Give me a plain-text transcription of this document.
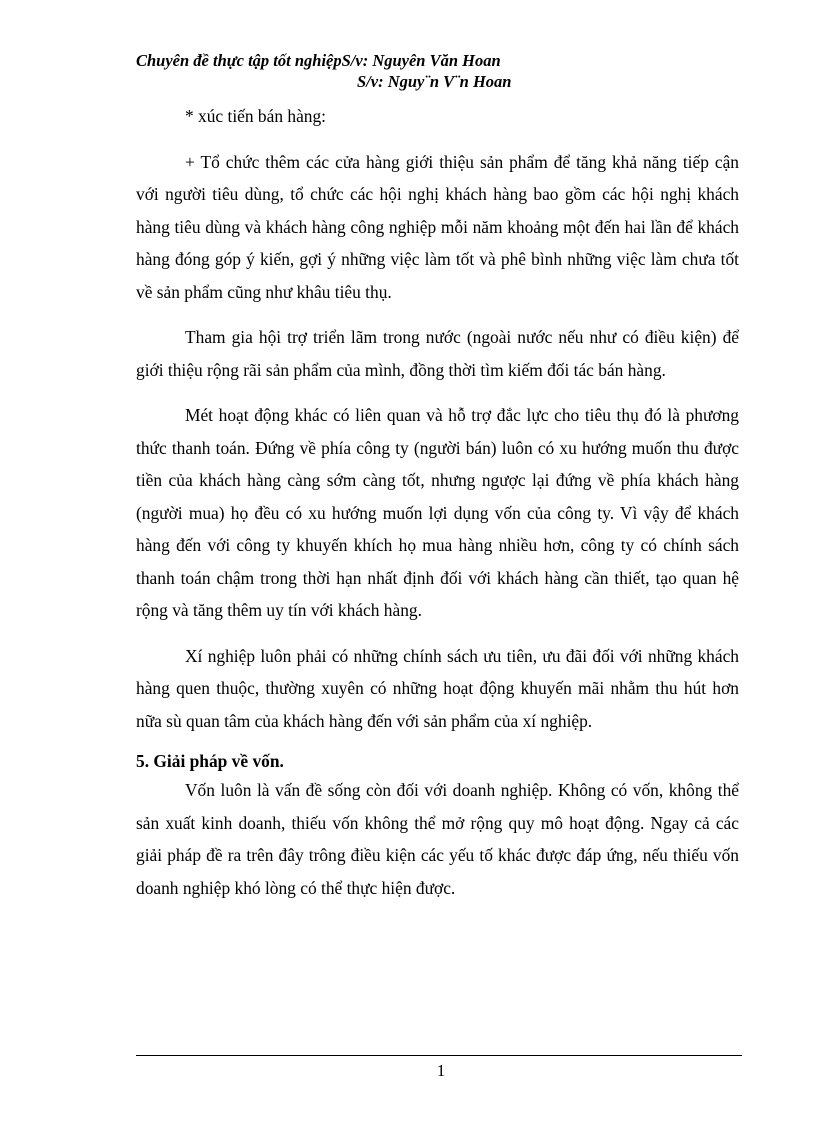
Chuyên đề thực tập tốt nghiệpS/v: Nguyên Văn Hoan
S/v: Nguy¨n V¨n Hoan

* xúc tiến bán hàng:

+ Tổ chức thêm các cửa hàng giới thiệu sản phẩm để tăng khả năng tiếp cận với người tiêu dùng, tổ chức các hội nghị khách hàng bao gồm các hội nghị khách hàng tiêu dùng và khách hàng công nghiệp mỗi năm khoảng một đến hai lần để khách hàng đóng góp ý kiến, gợi ý những việc làm tốt và phê bình những việc làm chưa tốt về sản phẩm cũng như khâu tiêu thụ.

Tham gia hội trợ triển lãm trong nước (ngoài nước nếu như có điều kiện) để giới thiệu rộng rãi sản phẩm của mình, đồng thời tìm kiếm đối tác bán hàng.

Mét hoạt động khác có liên quan và hỗ trợ đắc lực cho tiêu thụ đó là phương thức thanh toán. Đứng về phía công ty (người bán) luôn có xu hướng muốn thu được tiền của khách hàng càng sớm càng tốt, nhưng ngược lại đứng về phía khách hàng (người mua) họ đều có xu hướng muốn lợi dụng vốn của công ty. Vì vậy để khách hàng đến với công ty khuyến khích họ mua hàng nhiều hơn, công ty có chính sách thanh toán chậm trong thời hạn nhất định đối với khách hàng cần thiết, tạo quan hệ rộng và tăng thêm uy tín với khách hàng.

Xí nghiệp luôn phải có những chính sách ưu tiên, ưu đãi đối với những khách hàng quen thuộc, thường xuyên có những hoạt động khuyến mãi nhằm thu hút hơn nữa sù quan tâm của khách hàng đến với sản phẩm của xí nghiệp.

5. Giải pháp về vốn.

Vốn luôn là vấn đề sống còn đối với doanh nghiệp. Không có vốn, không thể sản xuất kinh doanh, thiếu vốn không thể mở rộng quy mô hoạt động. Ngay cả các giải pháp đề ra trên đây trông điều kiện các yếu tố khác được đáp ứng, nếu thiếu vốn doanh nghiệp khó lòng có thể thực hiện được.

1
